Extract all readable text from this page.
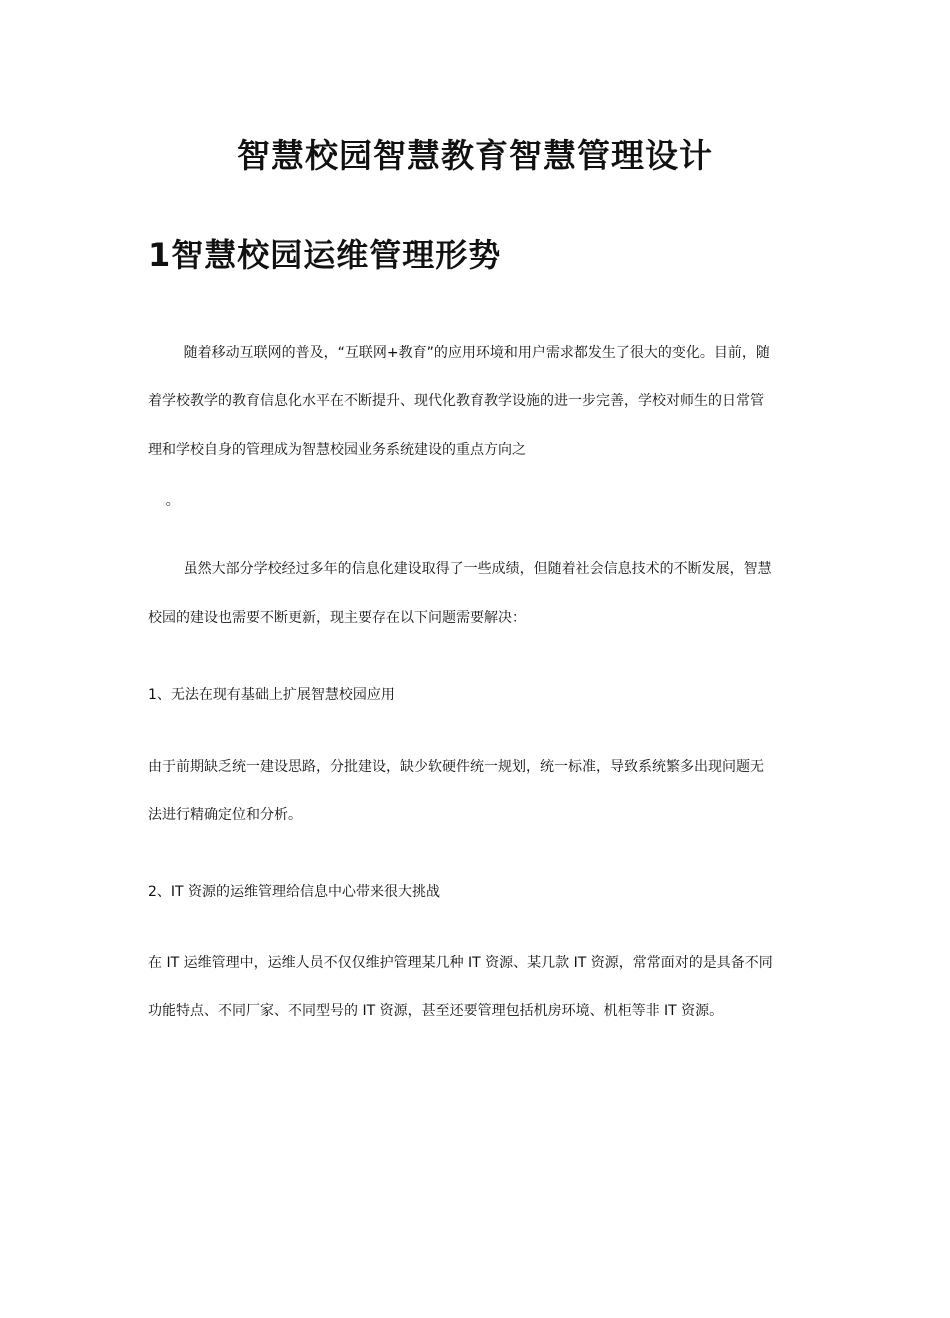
智慧校园智慧教育智慧管理设计
1智慧校园运维管理形势
随着移动互联网的普及，“互联网+教育”的应用环境和用户需求都发生了很大的变化。目前，随
着学校教学的教育信息化水平在不断提升、现代化教育教学设施的进一步完善，学校对师生的日常管
理和学校自身的管理成为智慧校园业务系统建设的重点方向之
。
虽然大部分学校经过多年的信息化建设取得了一些成绩，但随着社会信息技术的不断发展，智慧
校园的建设也需要不断更新，现主要存在以下问题需要解决：
1、无法在现有基础上扩展智慧校园应用
由于前期缺乏统一建设思路，分批建设，缺少软硬件统一规划，统一标准，导致系统繁多出现问题无
法进行精确定位和分析。
2、IT 资源的运维管理给信息中心带来很大挑战
在 IT 运维管理中，运维人员不仅仅维护管理某几种 IT 资源、某几款 IT 资源，常常面对的是具备不同
功能特点、不同厂家、不同型号的 IT 资源，甚至还要管理包括机房环境、机柜等非 IT 资源。
